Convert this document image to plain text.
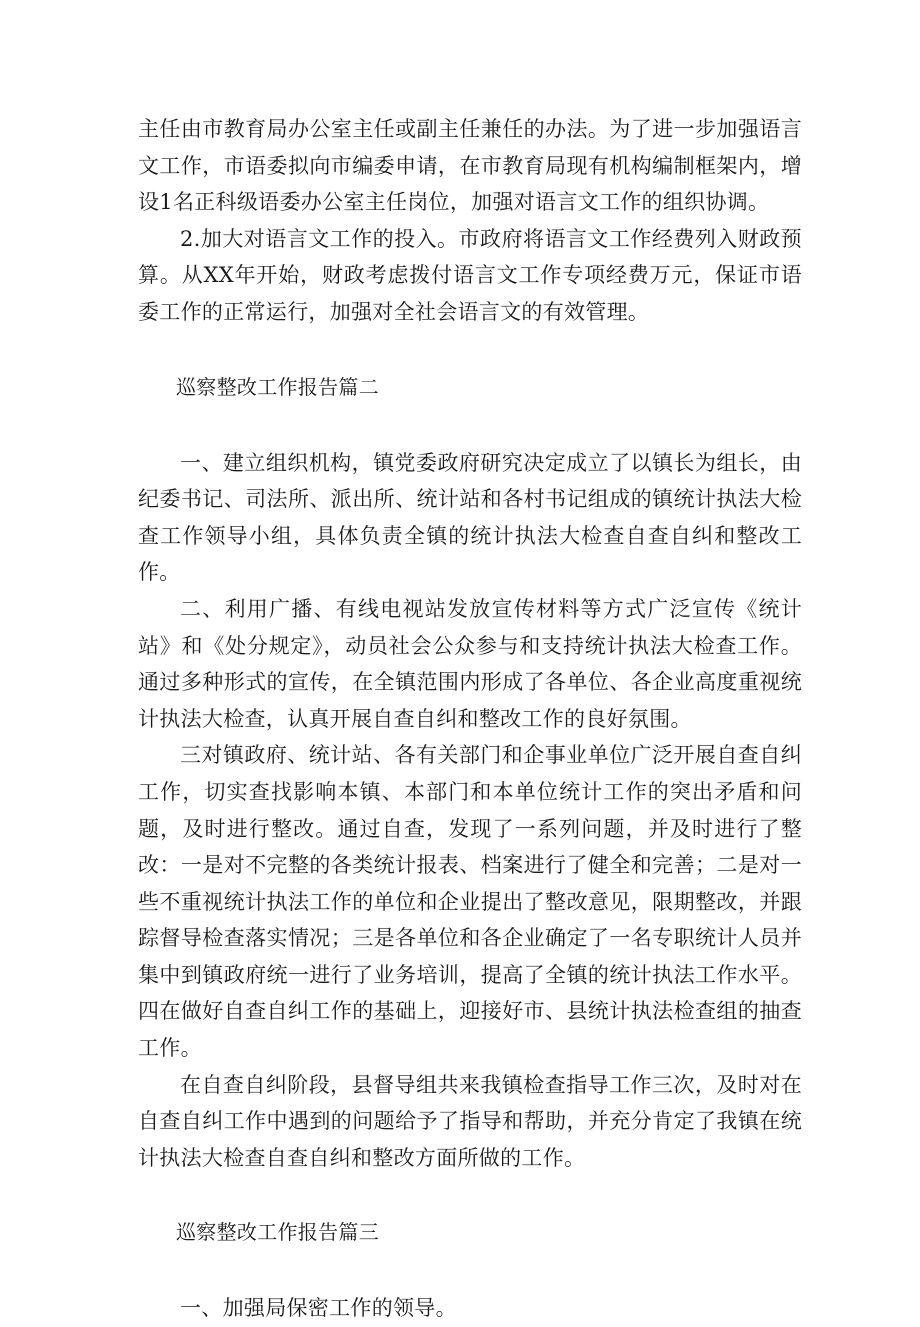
主任由市教育局办公室主任或副主任兼任的办法。为了进一步加强语言文工作，市语委拟向市编委申请，在市教育局现有机构编制框架内，增设1名正科级语委办公室主任岗位，加强对语言文工作的组织协调。

2.加大对语言文工作的投入。市政府将语言文工作经费列入财政预算。从XX年开始，财政考虑拨付语言文工作专项经费万元，保证市语委工作的正常运行，加强对全社会语言文的有效管理。

巡察整改工作报告篇二

一、建立组织机构，镇党委政府研究决定成立了以镇长为组长，由纪委书记、司法所、派出所、统计站和各村书记组成的镇统计执法大检查工作领导小组，具体负责全镇的统计执法大检查自查自纠和整改工作。

二、利用广播、有线电视站发放宣传材料等方式广泛宣传《统计站》和《处分规定》，动员社会公众参与和支持统计执法大检查工作。通过多种形式的宣传，在全镇范围内形成了各单位、各企业高度重视统计执法大检查，认真开展自查自纠和整改工作的良好氛围。

三对镇政府、统计站、各有关部门和企事业单位广泛开展自查自纠工作，切实查找影响本镇、本部门和本单位统计工作的突出矛盾和问题，及时进行整改。通过自查，发现了一系列问题，并及时进行了整改：一是对不完整的各类统计报表、档案进行了健全和完善；二是对一些不重视统计执法工作的单位和企业提出了整改意见，限期整改，并跟踪督导检查落实情况；三是各单位和各企业确定了一名专职统计人员并集中到镇政府统一进行了业务培训，提高了全镇的统计执法工作水平。四在做好自查自纠工作的基础上，迎接好市、县统计执法检查组的抽查工作。

在自查自纠阶段，县督导组共来我镇检查指导工作三次，及时对在自查自纠工作中遇到的问题给予了指导和帮助，并充分肯定了我镇在统计执法大检查自查自纠和整改方面所做的工作。

巡察整改工作报告篇三

一、加强局保密工作的领导。
